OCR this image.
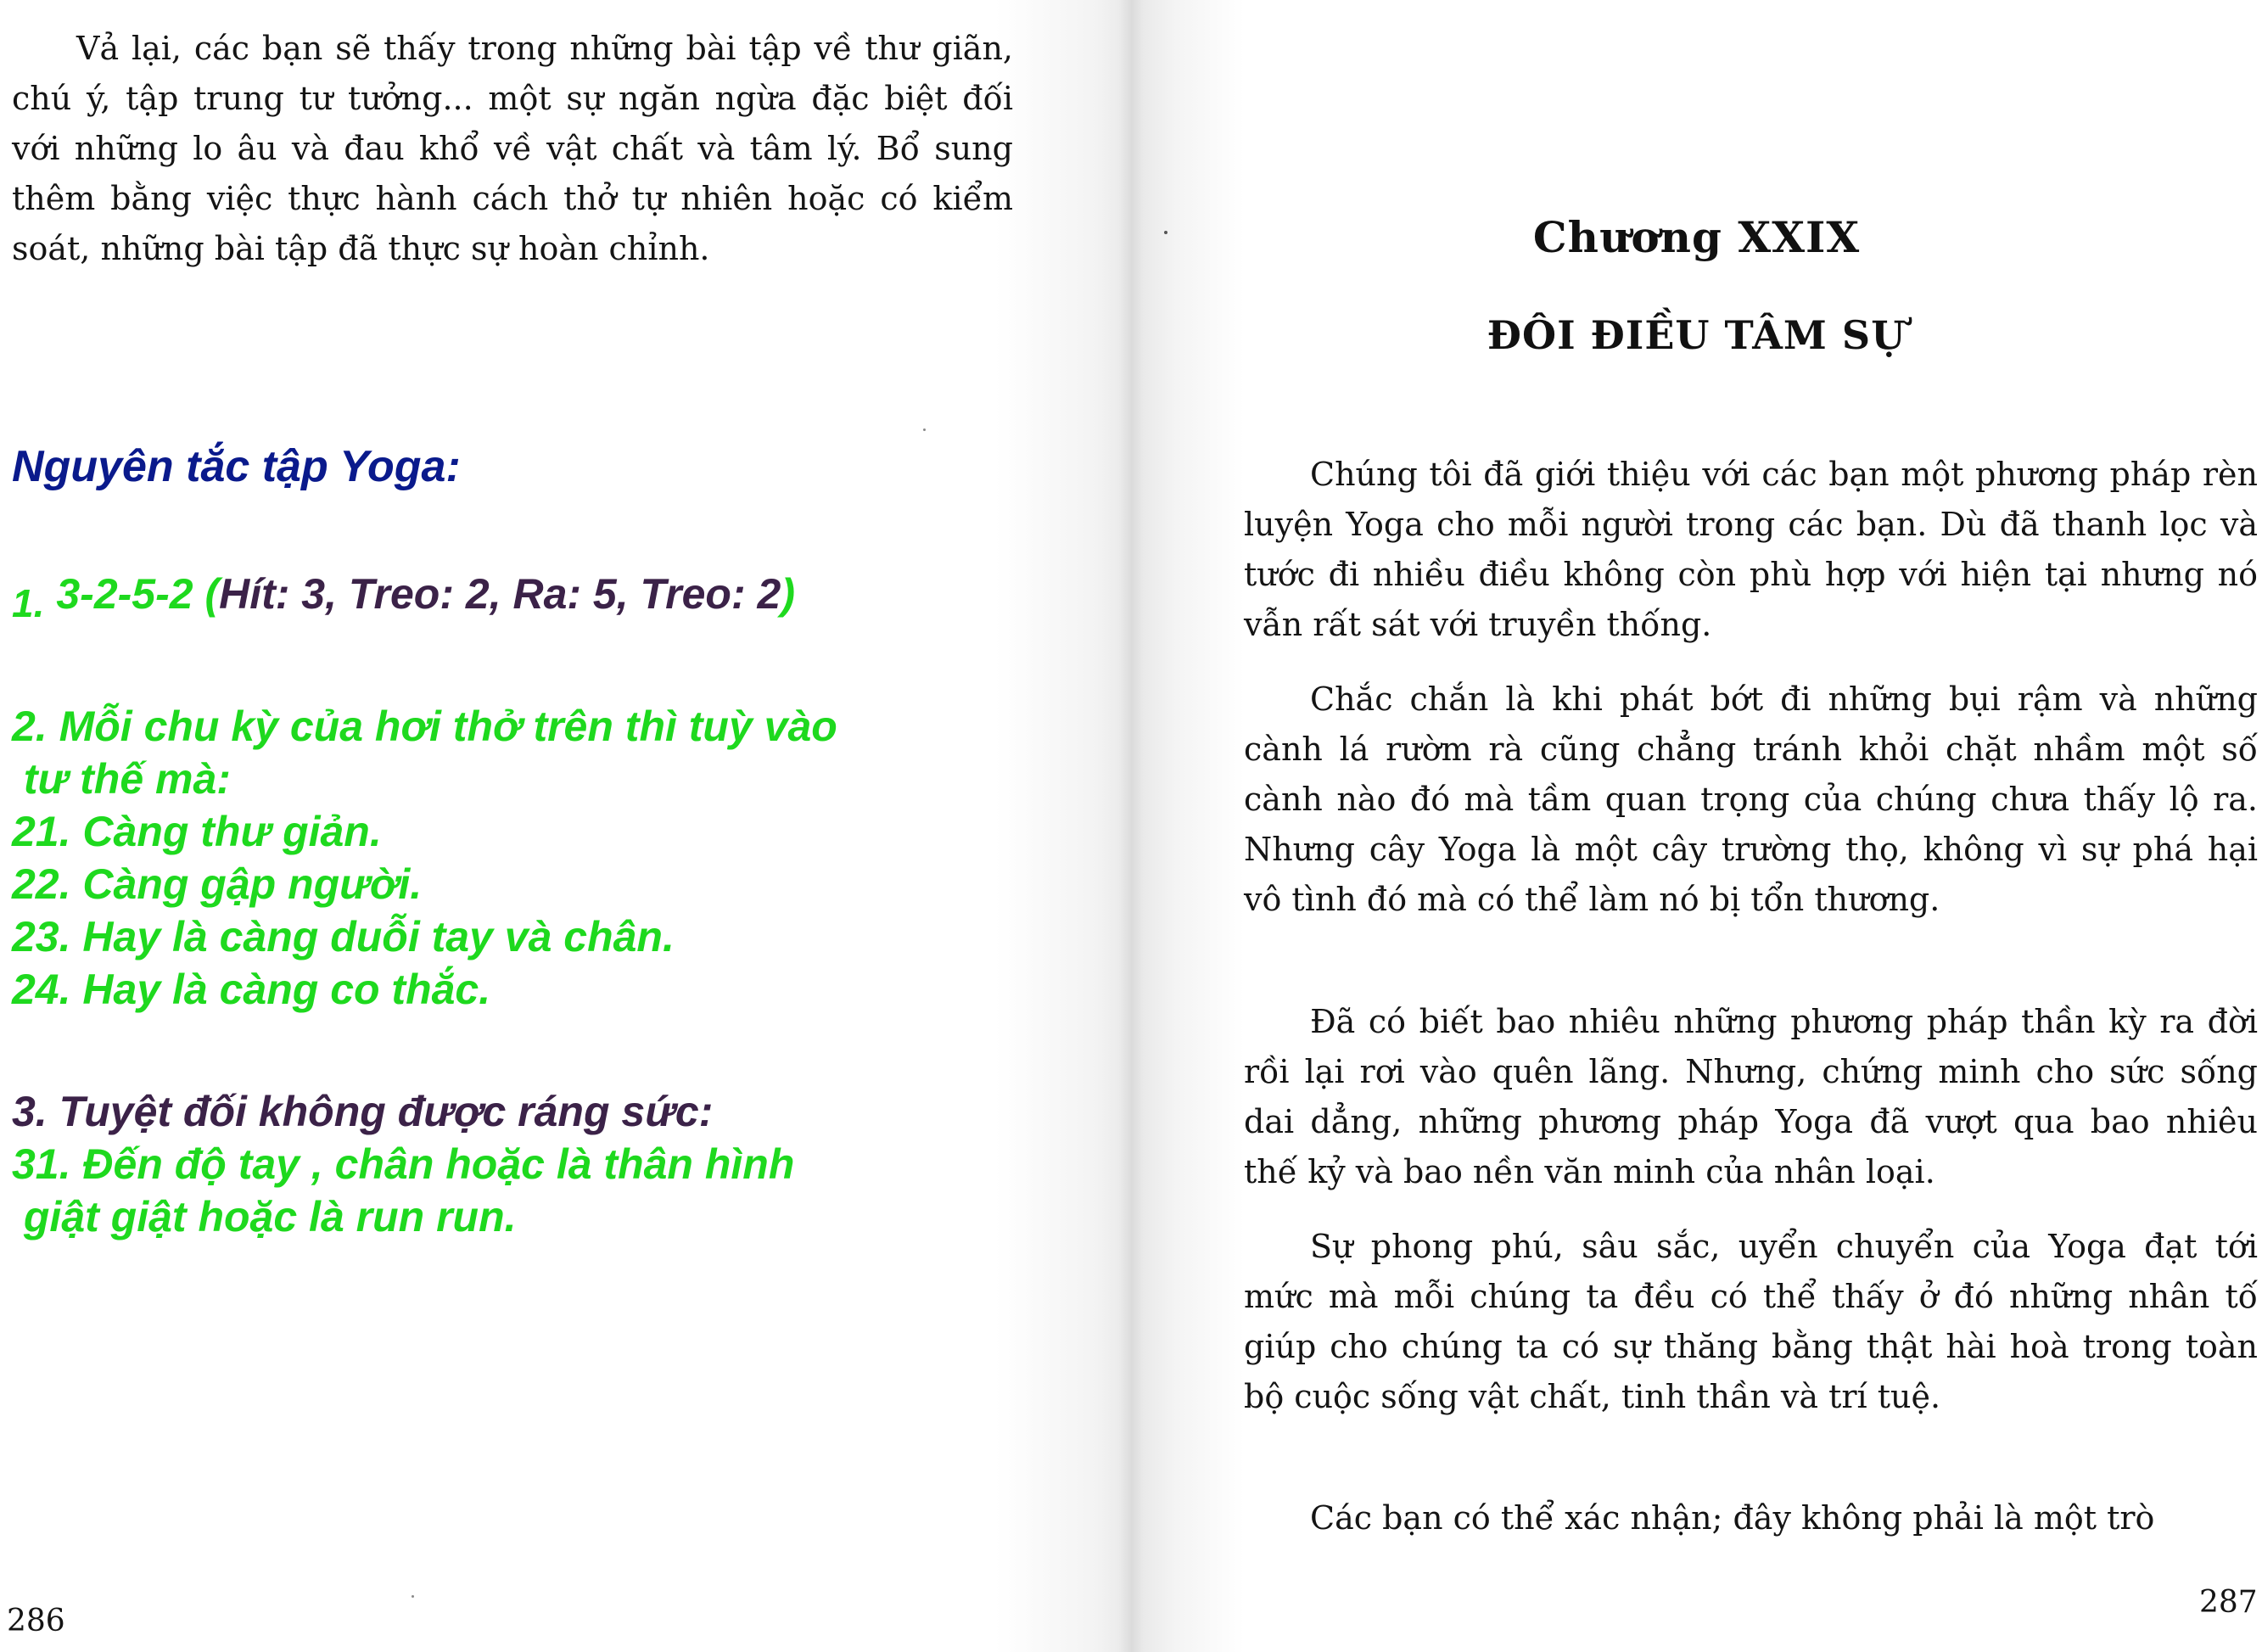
Vả lại, các bạn sẽ thấy trong những bài tập về thư giãn, chú ý, tập trung tư tưởng... một sự ngăn ngừa đặc biệt đối với những lo âu và đau khổ về vật chất và tâm lý. Bổ sung thêm bằng việc thực hành cách thở tự nhiên hoặc có kiểm soát, những bài tập đã thực sự hoàn chỉnh.

Nguyên tắc tập Yoga:

1. 3-2-5-2 (Hít: 3, Treo: 2, Ra: 5, Treo: 2)

2. Mỗi chu kỳ của hơi thở trên thì tuỳ vào

tư thế mà:

21. Càng thư giản.

22. Càng gập người.

23. Hay là càng duỗi tay và chân.

24. Hay là càng co thắc.

3. Tuyệt đối không được ráng sức:

31. Đến độ tay , chân hoặc là thân hình

giật giật hoặc là run run.

286

Chương XXIX
ĐÔI ĐIỀU TÂM SỰ

Chúng tôi đã giới thiệu với các bạn một phương pháp rèn luyện Yoga cho mỗi người trong các bạn. Dù đã thanh lọc và tước đi nhiều điều không còn phù hợp với hiện tại nhưng nó vẫn rất sát với truyền thống.

Chắc chắn là khi phát bớt đi những bụi rậm và những cành lá rườm rà cũng chẳng tránh khỏi chặt nhầm một số cành nào đó mà tầm quan trọng của chúng chưa thấy lộ ra. Nhưng cây Yoga là một cây trường thọ, không vì sự phá hại vô tình đó mà có thể làm nó bị tổn thương.

Đã có biết bao nhiêu những phương pháp thần kỳ ra đời rồi lại rơi vào quên lãng. Nhưng, chứng minh cho sức sống dai dẳng, những phương pháp Yoga đã vượt qua bao nhiêu thế kỷ và bao nền văn minh của nhân loại.

Sự phong phú, sâu sắc, uyển chuyển của Yoga đạt tới mức mà mỗi chúng ta đều có thể thấy ở đó những nhân tố giúp cho chúng ta có sự thăng bằng thật hài hoà trong toàn bộ cuộc sống vật chất, tinh thần và trí tuệ.

Các bạn có thể xác nhận; đây không phải là một trò

287
